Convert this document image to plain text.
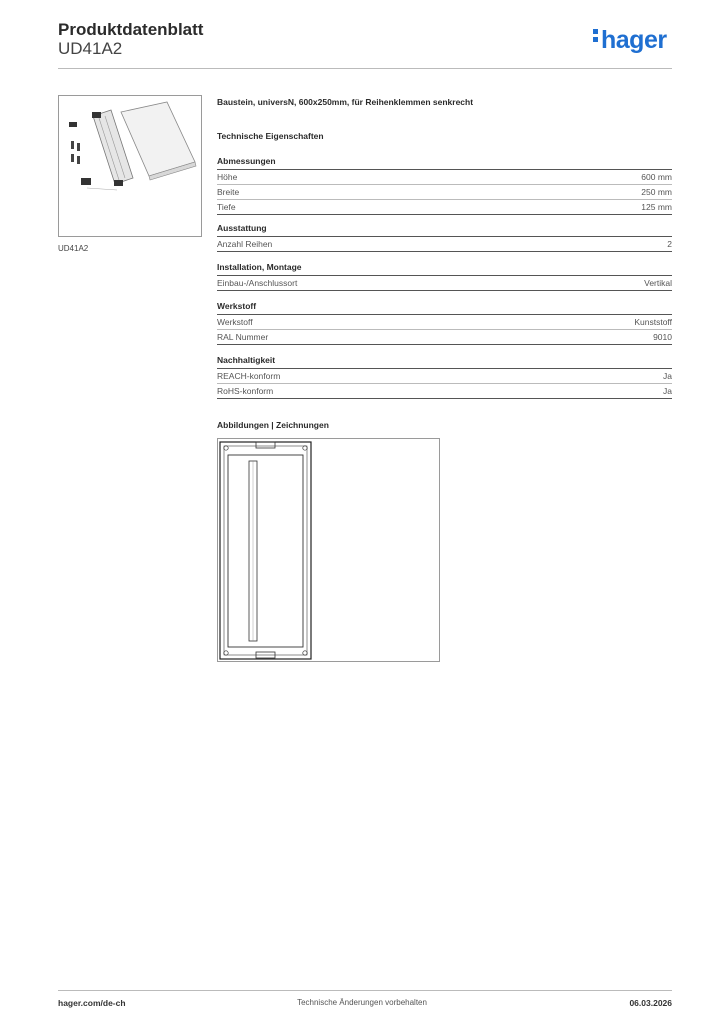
Produktdatenblatt
UD41A2	hager
UD41A2
Baustein, universN, 600x250mm, für Reihenklemmen senkrecht
Technische Eigenschaften
Abmessungen
Höhe	600 mm
Breite	250 mm
Tiefe	125 mm
Ausstattung
Anzahl Reihen	2
Installation, Montage
Einbau-/Anschlussort	Vertikal
Werkstoff
Werkstoff	Kunststoff
RAL Nummer	9010
Nachhaltigkeit
REACH-konform	Ja
RoHS-konform	Ja
Abbildungen | Zeichnungen
hager.com/de-ch	Technische Änderungen vorbehalten	06.03.2026
